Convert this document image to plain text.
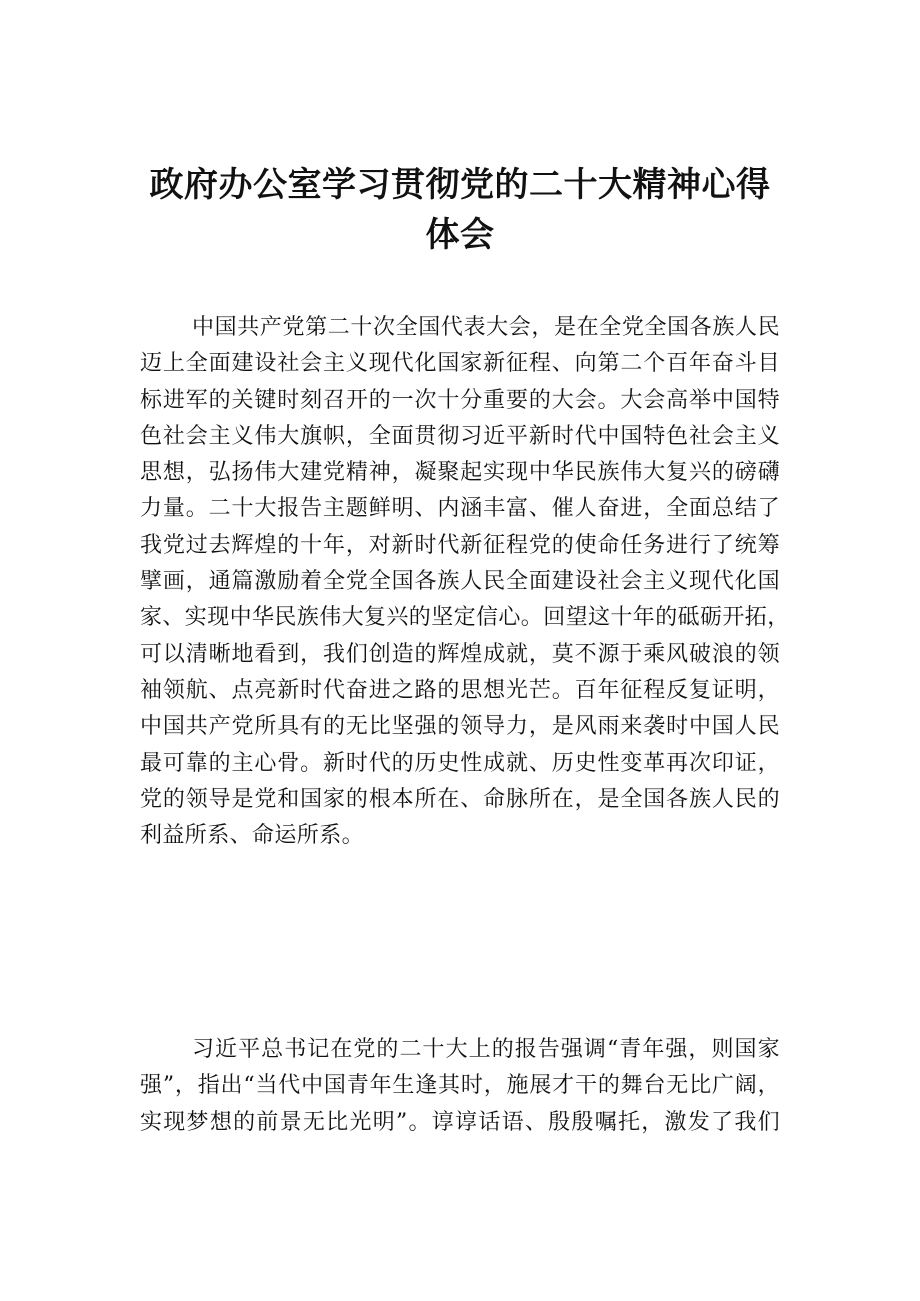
政府办公室学习贯彻党的二十大精神心得
体会
中国共产党第二十次全国代表大会，是在全党全国各族人民
迈上全面建设社会主义现代化国家新征程、向第二个百年奋斗目
标进军的关键时刻召开的一次十分重要的大会。大会高举中国特
色社会主义伟大旗帜，全面贯彻习近平新时代中国特色社会主义
思想，弘扬伟大建党精神，凝聚起实现中华民族伟大复兴的磅礴
力量。二十大报告主题鲜明、内涵丰富、催人奋进，全面总结了
我党过去辉煌的十年，对新时代新征程党的使命任务进行了统筹
擘画，通篇激励着全党全国各族人民全面建设社会主义现代化国
家、实现中华民族伟大复兴的坚定信心。回望这十年的砥砺开拓，
可以清晰地看到，我们创造的辉煌成就，莫不源于乘风破浪的领
袖领航、点亮新时代奋进之路的思想光芒。百年征程反复证明，
中国共产党所具有的无比坚强的领导力，是风雨来袭时中国人民
最可靠的主心骨。新时代的历史性成就、历史性变革再次印证，
党的领导是党和国家的根本所在、命脉所在，是全国各族人民的
利益所系、命运所系。
习近平总书记在党的二十大上的报告强调“青年强，则国家
强”，指出“当代中国青年生逢其时，施展才干的舞台无比广阔，
实现梦想的前景无比光明”。谆谆话语、殷殷嘱托，激发了我们
